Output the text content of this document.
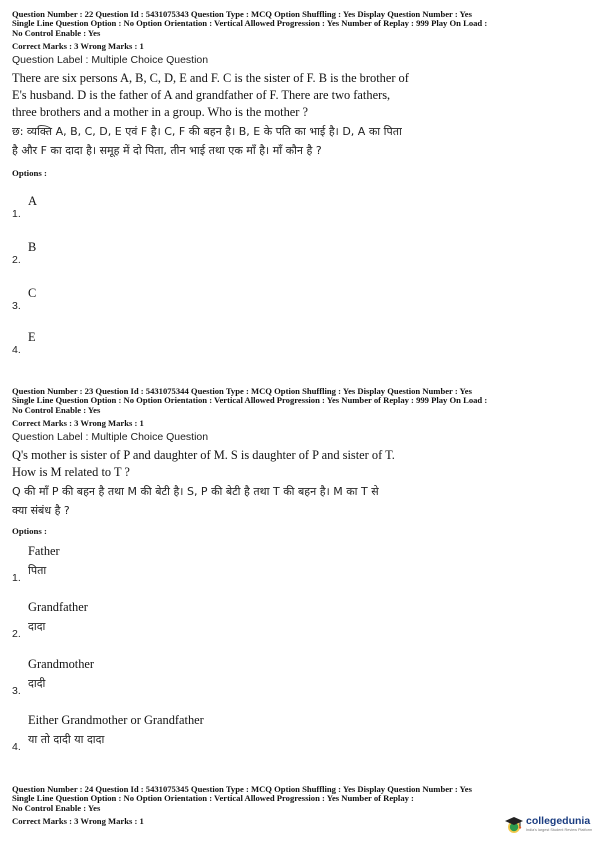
Question Number : 22 Question Id : 5431075343 Question Type : MCQ Option Shuffling : Yes Display Question Number : Yes
Single Line Question Option : No Option Orientation : Vertical Allowed Progression : Yes Number of Replay : 999 Play On Load :
No Control Enable : Yes
Correct Marks : 3 Wrong Marks : 1
Question Label : Multiple Choice Question
There are six persons A, B, C, D, E and F. C is the sister of F. B is the brother of
E's husband. D is the father of A and grandfather of F. There are two fathers,
three brothers and a mother in a group. Who is the mother ?
छ: व्यक्ति A, B, C, D, E एवं F है। C, F की बहन है। B, E के पति का भाई है। D, A का पिता
है और F का दादा है। समूह में दो पिता, तीन भाई तथा एक माँ है। माँ कौन है ?
Options :
A
1.
B
2.
C
3.
E
4.
Question Number : 23 Question Id : 5431075344 Question Type : MCQ Option Shuffling : Yes Display Question Number : Yes
Single Line Question Option : No Option Orientation : Vertical Allowed Progression : Yes Number of Replay : 999 Play On Load :
No Control Enable : Yes
Correct Marks : 3 Wrong Marks : 1
Question Label : Multiple Choice Question
Q's mother is sister of P and daughter of M. S is daughter of P and sister of T.
How is M related to T ?
Q की माँ P की बहन है तथा M की बेटी है। S, P की बेटी है तथा T की बहन है। M का T से
क्या संबंध है ?
Options :
Father
पिता
1.
Grandfather
दादा
2.
Grandmother
दादी
3.
Either Grandmother or Grandfather
या तो दादी या दादा
4.
Question Number : 24 Question Id : 5431075345 Question Type : MCQ Option Shuffling : Yes Display Question Number : Yes
Single Line Question Option : No Option Orientation : Vertical Allowed Progression : Yes Number of Replay :
No Control Enable : Yes
Correct Marks : 3 Wrong Marks : 1	collegedunia
India's largest Student Review Platform
